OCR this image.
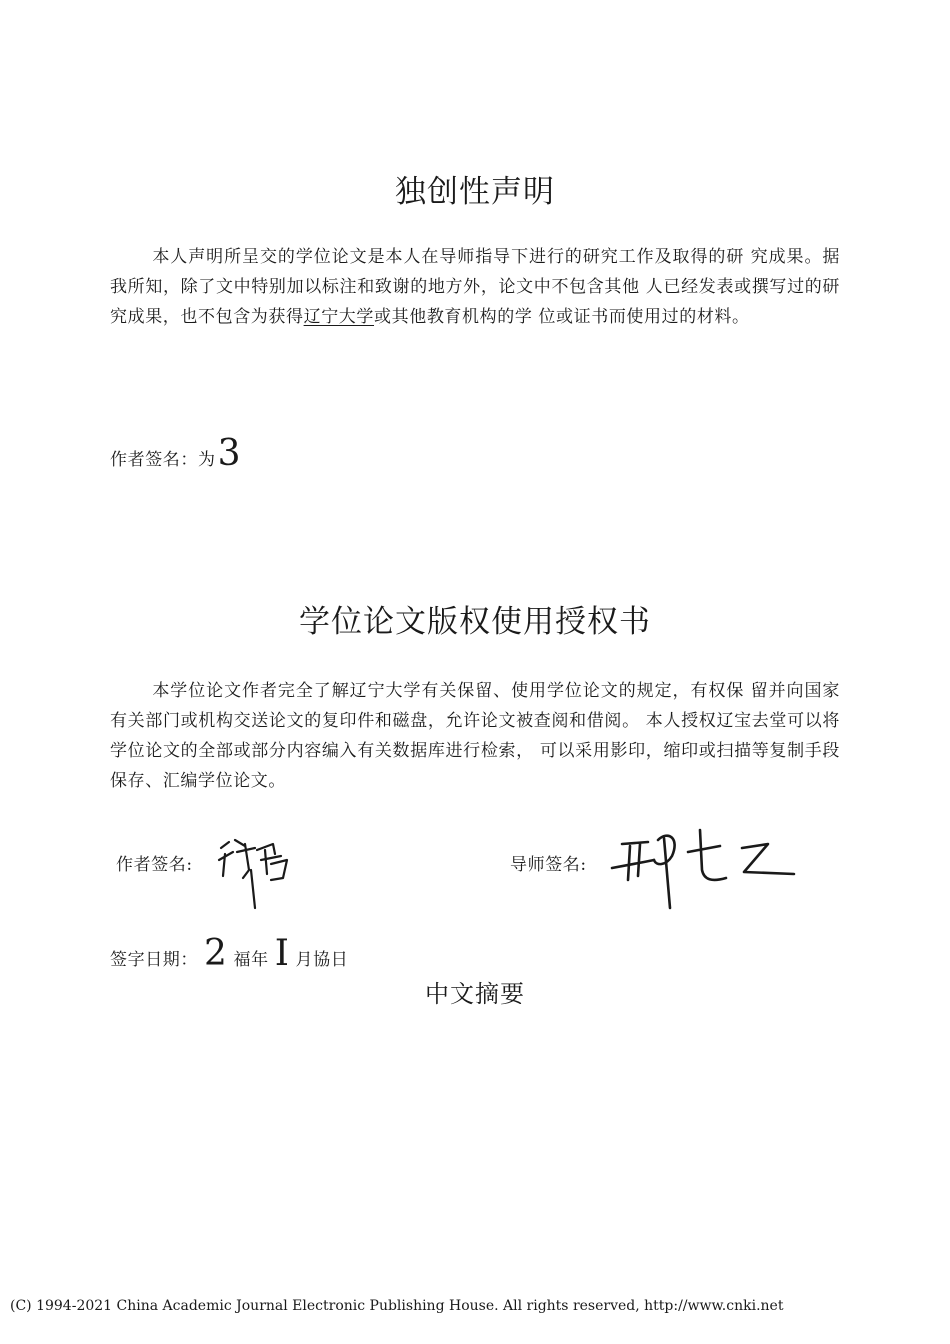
独创性声明
本人声明所呈交的学位论文是本人在导师指导下进行的研究工作及取得的研 究成果。据我所知，除了文中特别加以标注和致谢的地方外，论文中不包含其他 人已经发表或撰写过的研究成果，也不包含为获得辽宁大学或其他教育机构的学 位或证书而使用过的材料。
作者签名：为 3
学位论文版权使用授权书
本学位论文作者完全了解辽宁大学有关保留、使用学位论文的规定，有权保 留并向国家有关部门或机构交送论文的复印件和磁盘，允许论文被查阅和借阅。 本人授权辽宝去堂可以将学位论文的全部或部分内容编入有关数据库进行检索， 可以采用影印，缩印或扫描等复制手段保存、汇编学位论文。
作者签名:	导师签名:
签字日期： 2 福年 I 月協日
中文摘要
(C) 1994-2021 China Academic Journal Electronic Publishing House. All rights reserved, http://www.cnki.net
